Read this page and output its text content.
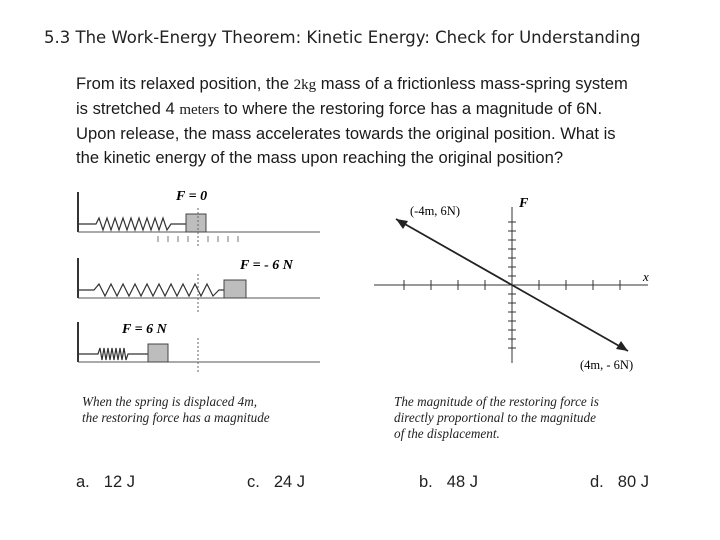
5.3 The Work-Energy Theorem: Kinetic Energy: Check for Understanding
From its relaxed position, the 2kg mass of a frictionless mass-spring system
is stretched 4 meters to where the restoring force has a magnitude of 6N.
Upon release, the mass accelerates towards the original position. What is
the kinetic energy of the mass upon reaching the original position?
F = 0
F = - 6 N
F = 6 N
(-4m, 6N)
(4m, - 6N)
F
x
When the spring is displaced 4m,
the restoring force has a magnitude
The magnitude of the restoring force is
directly proportional to the magnitude
of the displacement.
a. 12 J	c. 24 J	b. 48 J	d. 80 J
